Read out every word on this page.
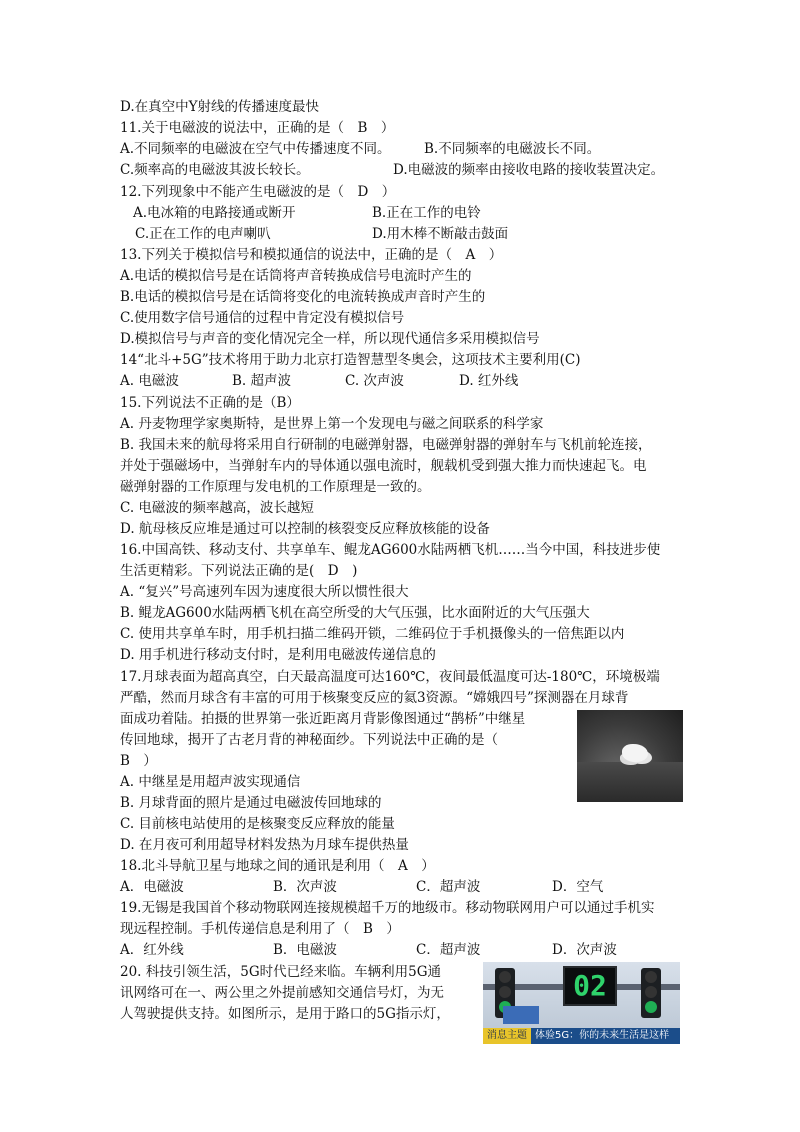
D.在真空中Y射线的传播速度最快
11.关于电磁波的说法中，正确的是（　B　）
A.不同频率的电磁波在空气中传播速度不同。 B.不同频率的电磁波长不同。
C.频率高的电磁波其波长较长。	D.电磁波的频率由接收电路的接收装置决定。
12.下列现象中不能产生电磁波的是（　D　）
A.电冰箱的电路接通或断开	B.正在工作的电铃
C.正在工作的电声喇叭	D.用木棒不断敲击鼓面
13.下列关于模拟信号和模拟通信的说法中，正确的是（　A　）
A.电话的模拟信号是在话筒将声音转换成信号电流时产生的
B.电话的模拟信号是在话筒将变化的电流转换成声音时产生的
C.使用数字信号通信的过程中肯定没有模拟信号
D.模拟信号与声音的变化情况完全一样，所以现代通信多采用模拟信号
14“北斗+5G”技术将用于助力北京打造智慧型冬奥会，这项技术主要利用(C)
A. 电磁波	B. 超声波	C. 次声波	D. 红外线
15.下列说法不正确的是（B）
A. 丹麦物理学家奥斯特，是世界上第一个发现电与磁之间联系的科学家
B. 我国未来的航母将采用自行研制的电磁弹射器，电磁弹射器的弹射车与飞机前轮连接，
并处于强磁场中，当弹射车内的导体通以强电流时，舰载机受到强大推力而快速起飞。电
磁弹射器的工作原理与发电机的工作原理是一致的。
C. 电磁波的频率越高，波长越短
D. 航母核反应堆是通过可以控制的核裂变反应释放核能的设备
16.中国高铁、移动支付、共享单车、鲲龙AG600水陆两栖飞机……当今中国，科技进步使
生活更精彩。下列说法正确的是(　D　)
A. “复兴”号高速列车因为速度很大所以惯性很大
B. 鲲龙AG600水陆两栖飞机在高空所受的大气压强，比水面附近的大气压强大
C. 使用共享单车时，用手机扫描二维码开锁，二维码位于手机摄像头的一倍焦距以内
D. 用手机进行移动支付时，是利用电磁波传递信息的
17.月球表面为超高真空，白天最高温度可达160℃，夜间最低温度可达-180℃，环境极端
严酷，然而月球含有丰富的可用于核聚变反应的氦3资源。“嫦娥四号”探测器在月球背
面成功着陆。拍摄的世界第一张近距离月背影像图通过“鹊桥”中继星
传回地球，揭开了古老月背的神秘面纱。下列说法中正确的是（
B　）
A. 中继星是用超声波实现通信
B. 月球背面的照片是通过电磁波传回地球的
C. 目前核电站使用的是核聚变反应释放的能量
D. 在月夜可利用超导材料发热为月球车提供热量
18.北斗导航卫星与地球之间的通讯是利用（　A　）
A．电磁波	B．次声波	C．超声波	D．空气
19.无锡是我国首个移动物联网连接规模超千万的地级市。移动物联网用户可以通过手机实
现远程控制。手机传递信息是利用了（　B　）
A．红外线	B．电磁波	C．超声波	D．次声波
20. 科技引领生活，5G时代已经来临。车辆利用5G通
讯网络可在一、两公里之外提前感知交通信号灯，为无
人驾驶提供支持。如图所示，是用于路口的5G指示灯，
02
消息主题 体验5G：你的未来生活是这样(下)
